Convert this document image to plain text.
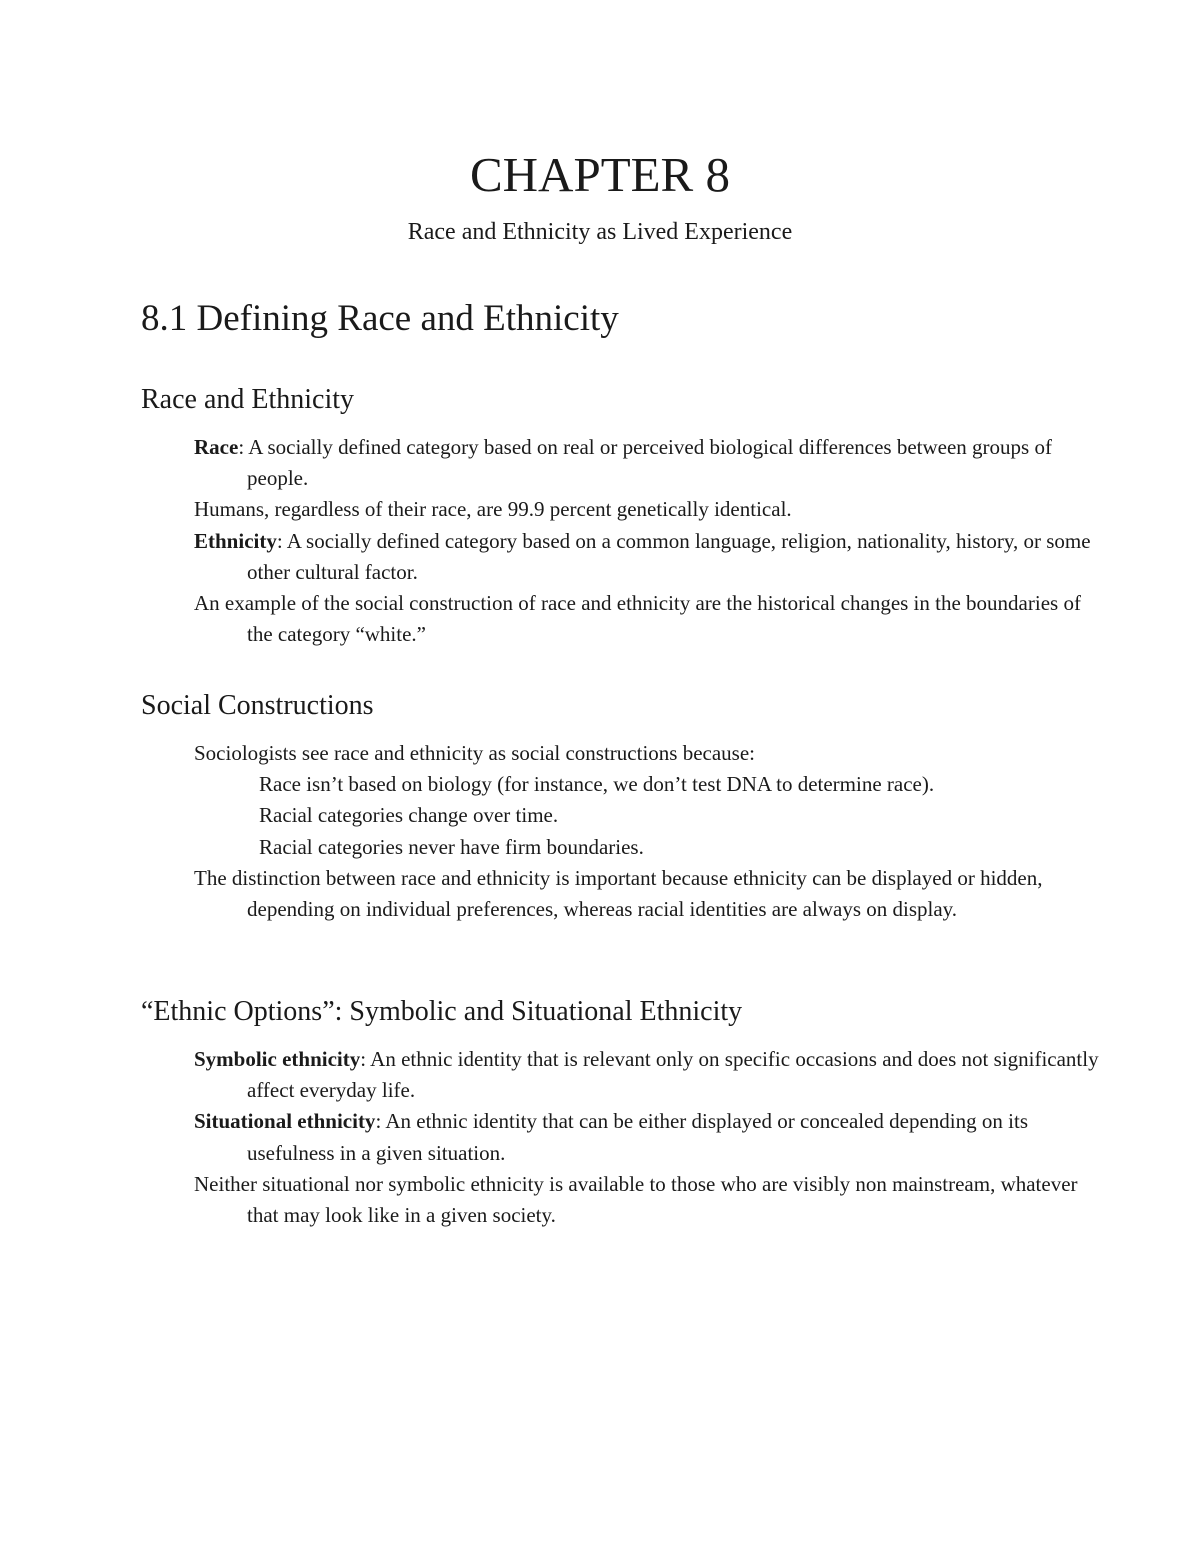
CHAPTER 8

Race and Ethnicity as Lived Experience

8.1 Defining Race and Ethnicity
Race and Ethnicity

Race: A socially defined category based on real or perceived biological differences between groups of people.

Humans, regardless of their race, are 99.9 percent genetically identical.

Ethnicity: A socially defined category based on a common language, religion, nationality, history, or some other cultural factor.

An example of the social construction of race and ethnicity are the historical changes in the boundaries of the category “white.”

Social Constructions

Sociologists see race and ethnicity as social constructions because:

Race isn’t based on biology (for instance, we don’t test DNA to determine race).

Racial categories change over time.

Racial categories never have firm boundaries.

The distinction between race and ethnicity is important because ethnicity can be displayed or hidden, depending on individual preferences, whereas racial identities are always on display.

“Ethnic Options”: Symbolic and Situational Ethnicity

Symbolic ethnicity: An ethnic identity that is relevant only on specific occasions and does not significantly affect everyday life.

Situational ethnicity: An ethnic identity that can be either displayed or concealed depending on its usefulness in a given situation.

Neither situational nor symbolic ethnicity is available to those who are visibly non mainstream, whatever that may look like in a given society.
